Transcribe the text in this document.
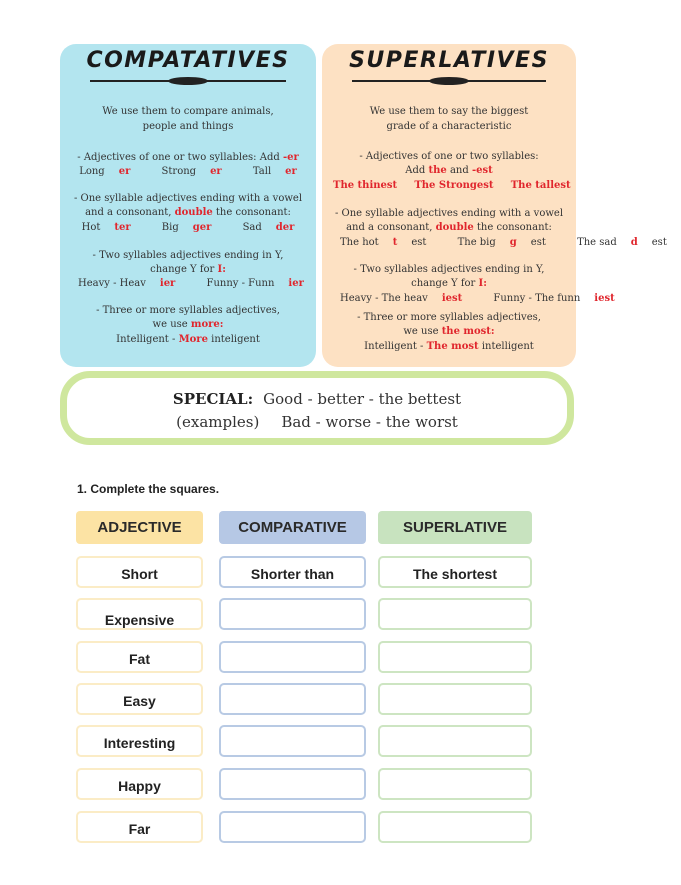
COMPATATIVES
We use them to compare animals,
people and things
- Adjectives of one or two syllables: Add -er
Long er	Strong er	Tall er
- One syllable adjectives ending with a vowel
and a consonant, double the consonant:
Hot ter	Big ger	Sad der
- Two syllables adjectives ending in Y,
change Y for I:
Heavy - Heav ier	Funny - Funn ier
- Three or more syllables adjectives,
we use more:
Intelligent - More inteligent
SUPERLATIVES
We use them to say the biggest
grade of a characteristic
- Adjectives of one or two syllables:
Add the and -est
The thinest The Strongest The tallest
- One syllable adjectives ending with a vowel
and a consonant, double the consonant:
The hot t est	The big g est	The sad d est
- Two syllables adjectives ending in Y,
change Y for I:
Heavy - The heav iest	Funny - The funn iest
- Three or more syllables adjectives,
we use the most:
Intelligent - The most intelligent
SPECIAL: Good - better - the bettest
(examples) Bad - worse - the worst
1. Complete the squares.
ADJECTIVE	COMPARATIVE	SUPERLATIVE
Short	Shorter than	The shortest
Expensive
Fat
Easy
Interesting
Happy
Far
